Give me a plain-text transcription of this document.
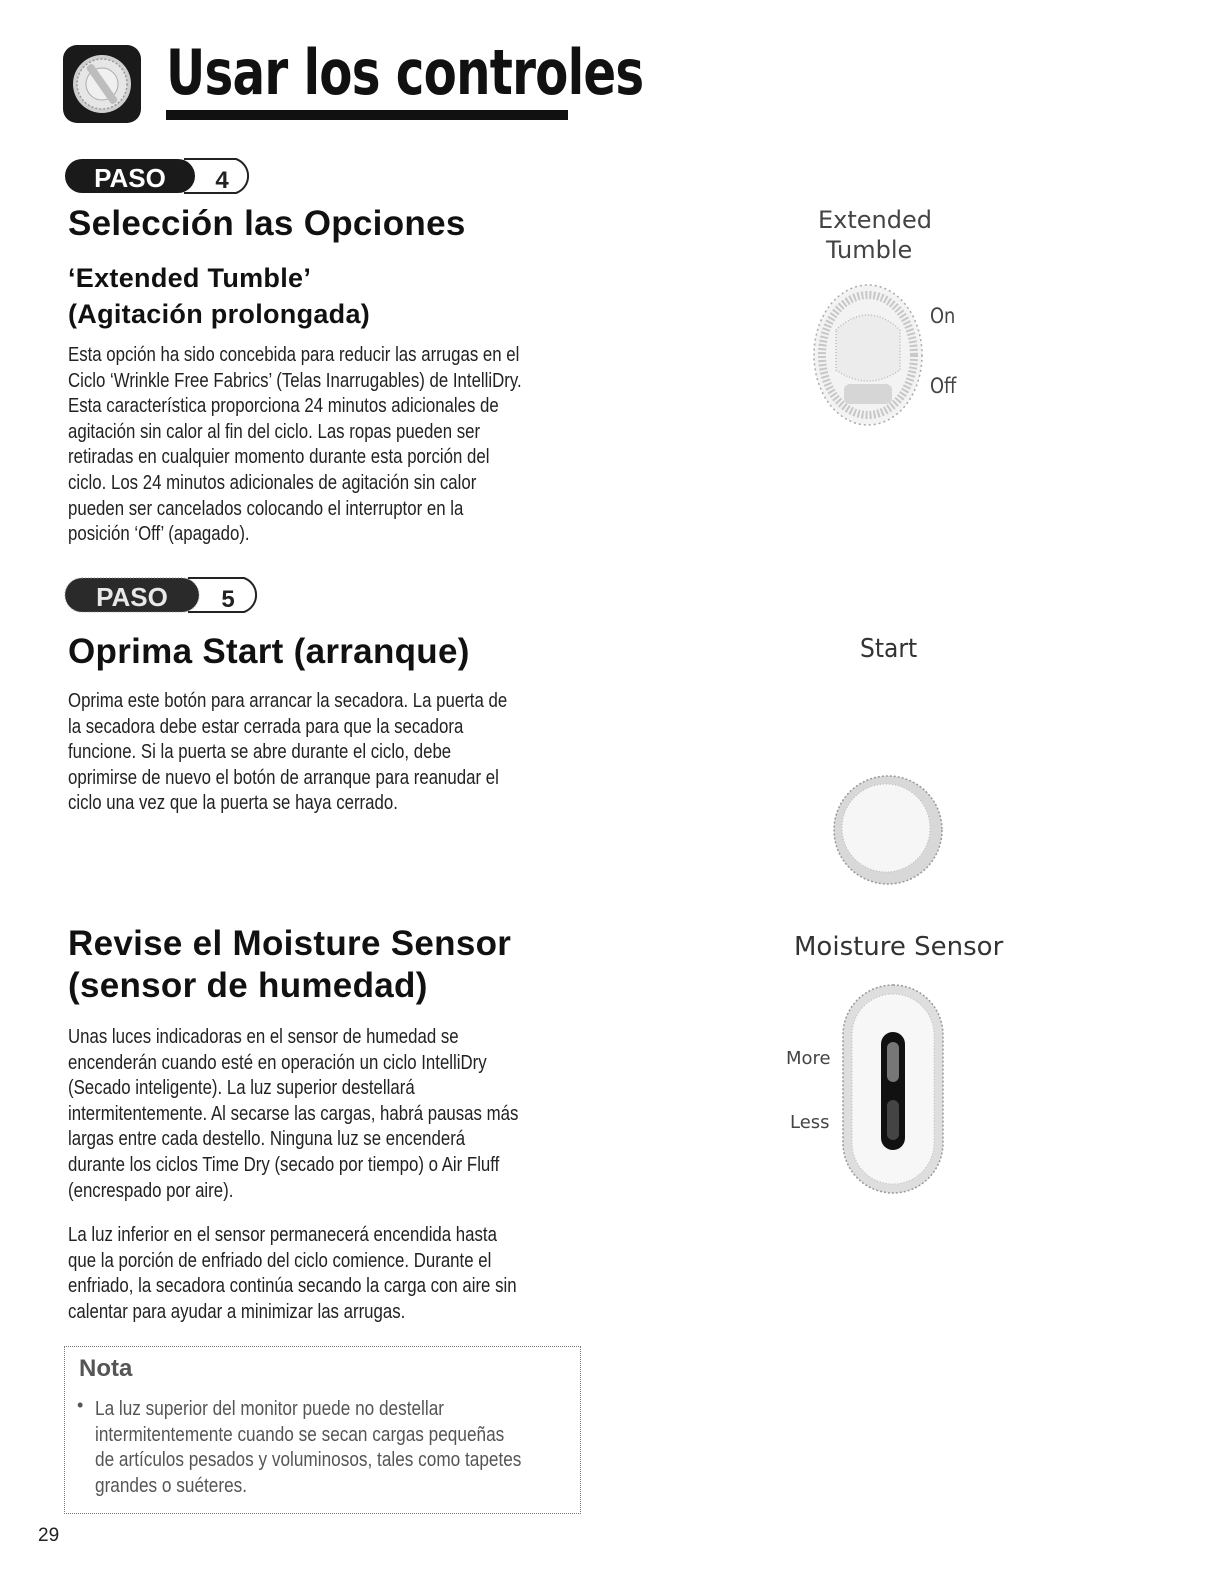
Usar los controles
PASO 4
Selección las Opciones
‘Extended Tumble’
(Agitación prolongada)
Esta opción ha sido concebida para reducir las arrugas en el
Ciclo ‘Wrinkle Free Fabrics’ (Telas Inarrugables) de IntelliDry.
Esta característica proporciona 24 minutos adicionales de
agitación sin calor al fin del ciclo. Las ropas pueden ser
retiradas en cualquier momento durante esta porción del
ciclo. Los 24 minutos adicionales de agitación sin calor
pueden ser cancelados colocando el interruptor en la
posición ‘Off’ (apagado).
Extended
Tumble
On
Off
PASO 5
Oprima Start (arranque)
Oprima este botón para arrancar la secadora. La puerta de
la secadora debe estar cerrada para que la secadora
funcione. Si la puerta se abre durante el ciclo, debe
oprimirse de nuevo el botón de arranque para reanudar el
ciclo una vez que la puerta se haya cerrado.
Start
Revise el Moisture Sensor
(sensor de humedad)
Unas luces indicadoras en el sensor de humedad se
encenderán cuando esté en operación un ciclo IntelliDry
(Secado inteligente). La luz superior destellará
intermitentemente. Al secarse las cargas, habrá pausas más
largas entre cada destello. Ninguna luz se encenderá
durante los ciclos Time Dry (secado por tiempo) o Air Fluff
(encrespado por aire).
La luz inferior en el sensor permanecerá encendida hasta
que la porción de enfriado del ciclo comience. Durante el
enfriado, la secadora continúa secando la carga con aire sin
calentar para ayudar a minimizar las arrugas.
Moisture Sensor
More
Less
Nota
• La luz superior del monitor puede no destellar
intermitentemente cuando se secan cargas pequeñas
de artículos pesados y voluminosos, tales como tapetes
grandes o suéteres.
29
